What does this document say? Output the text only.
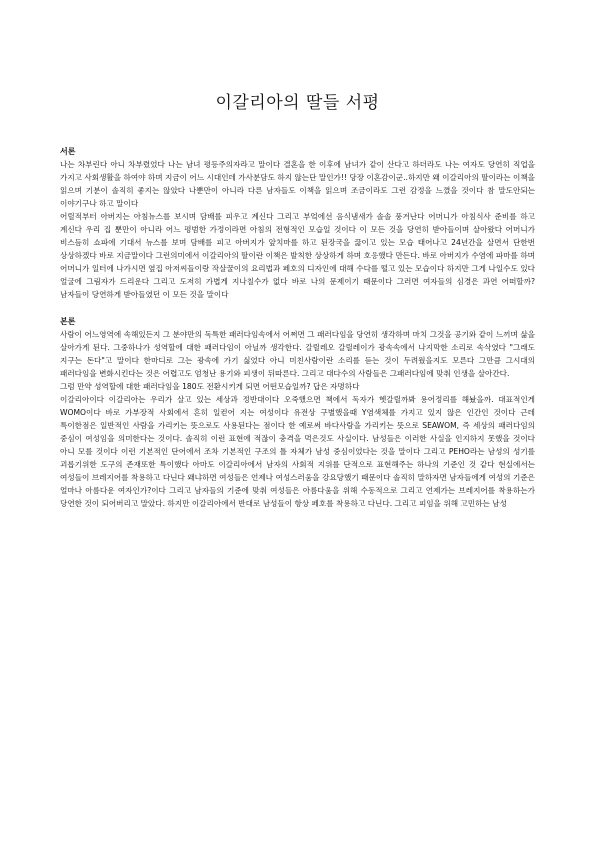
이갈리아의 딸들 서평
서론

나는 차부린다 아니 차부렸었다 나는 남녀 평등주의자라고 말이다 결혼을 한 이후에 남녀가 같이 산다고 하더라도 나는 여자도 당연히 직업을 가지고 사회생활을 하여야 하며 지금이 어느 시대인데 가사분담도 하지 않는단 말인가!! 당장 이혼감이군..하지만 왜 이갈리아의 딸이라는 이책을 읽으며 기분이 솔직히 좋지는 않았다 나뿐만이 아니라 다른 남자들도 이책을 읽으며 조금이라도 그런 감정을 느꼈을 것이다 참 말도안되는 이야기구나 하고 말이다

어릴적부터 아버지는 아침뉴스를 보시며 담배를 피우고 계신다 그리고 부엌에선 음식냄새가 솔솔 풍겨난다 어머니가 아침식사 준비를 하고 계신다 우리 집 뿐만이 아니라 어느 평범한 가정이라면 아침의 전형적인 모습일 것이다 이 모든 것을 당연히 받아들이며 살아왔다 어머니가 비스듬히 쇼파에 기대서 뉴스를 보며 담배를 피고 아버지가 앞치마를 하고 된장국을 끓이고 있는 모습 태어나고 24년간을 살면서 단한번 상상하겠다 바로 지금말이다 그런의미에서 이갈리아의 딸이란 이책은 발칙한 상상하게 하며 호응했다 만든다. 바로 아버지가 수염에 파마를 하며 어머니가 일터에 나가시면 옆집 아저씨들이랑 작살꿀이의 요리법과 페호의 디자인에 대해 수다를 떨고 있는 모습이다 하지만 그게 나일수도 있다 얼굴에 그림자가 드리운다 그리고 도저히 가볍게 지나칠수가 없다 바로 나의 문제이기 때문이다 그러면 여자들의 심경은 과연 어떠할까? 남자들이 당연하게 받아들였던 이 모든 것을 말이다

본론

사람이 어느영역에 속해있든지 그 분야만의 독특한 패러다임속에서 어쩌면 그 패러다임을 당연히 생각하며 마치 그것을 공기와 같이 느끼며 삶을 살아가게 된다. 그중하나가 성역할에 대한 패러다임이 아닐까 생각한다. 갈릴레오 갈릴레이가 광속속에서 나지막한 소리로 속삭였다 "그래도 지구는 돈다"고 말이다 한마디로 그는 광속에 가기 싫었다 아니 미친사람이란 소리를 듣는 것이 두려웠을지도 모른다 그만큼 그시대의 패러다임을 변화시킨다는 것은 어렵고도 엄청난 용기와 피생이 뒤따른다. 그리고 대다수의 사람들은 그패러다임에 맞춰 인생을 살아간다.

그럼 만약 성역할에 대한 패러다임을 180도 전환시키게 되면 어떤모습일까? 답은 자명하다

이갈리아이다 이갈리아는 우리가 살고 있는 세상과 정반대이다 오죽했으면 책에서 독자가 헷갈릴까봐 용어정리를 해놨을까. 대표적인게 WOMO이다 바로 가부장적 사회에서 흔히 일컫어 지는 여성이다 유전상 구별했을때 Y염색체를 가지고 있지 않은 인간인 것이다 근데 특이한점은 일반적인 사람을 가리키는 뜻으로도 사용된다는 점이다 한 예로써 바다사람을 가리키는 뜻으로 SEAWOM, 즉 세상의 패러다임의 중심이 여성임을 의미한다는 것이다. 솔직히 이런 표현에 적잖이 충격을 먹은것도 사실이다. 남성들은 이러한 사실을 인지하지 못했을 것이다 아니 모를 것이다 이런 기본적인 단어에서 조차 기본적인 구조의 틀 자체가 남성 중심이었다는 것을 말이다 그리고 PEHO라는 남성의 성기를 괴롭기위한 도구의 존재또한 특이했다 아마도 이갈리아에서 남자의 사회적 지위를 단적으로 표현해주는 하나의 기준인 것 같다 현실에서는 여성들이 브레지어를 착용하고 다닌다 왜냐하면 여성들은 언제나 여성스러움을 강요당했기 때문이다 솔직히 말하자면 남자들에게 여성의 기준은 얼마나 아름다운 여자인가?이다 그리고 남자들의 기준에 맞춰 여성들은 아름다움을 위해 수동적으로 그리고 언제가는 브레지어를 착용하는가 당연한 것이 되어버리고 말았다. 하지만 이갈리아에서 반대로 남성들이 항상 페호를 착용하고 다닌다. 그리고 피임을 위해 고민하는 남성
